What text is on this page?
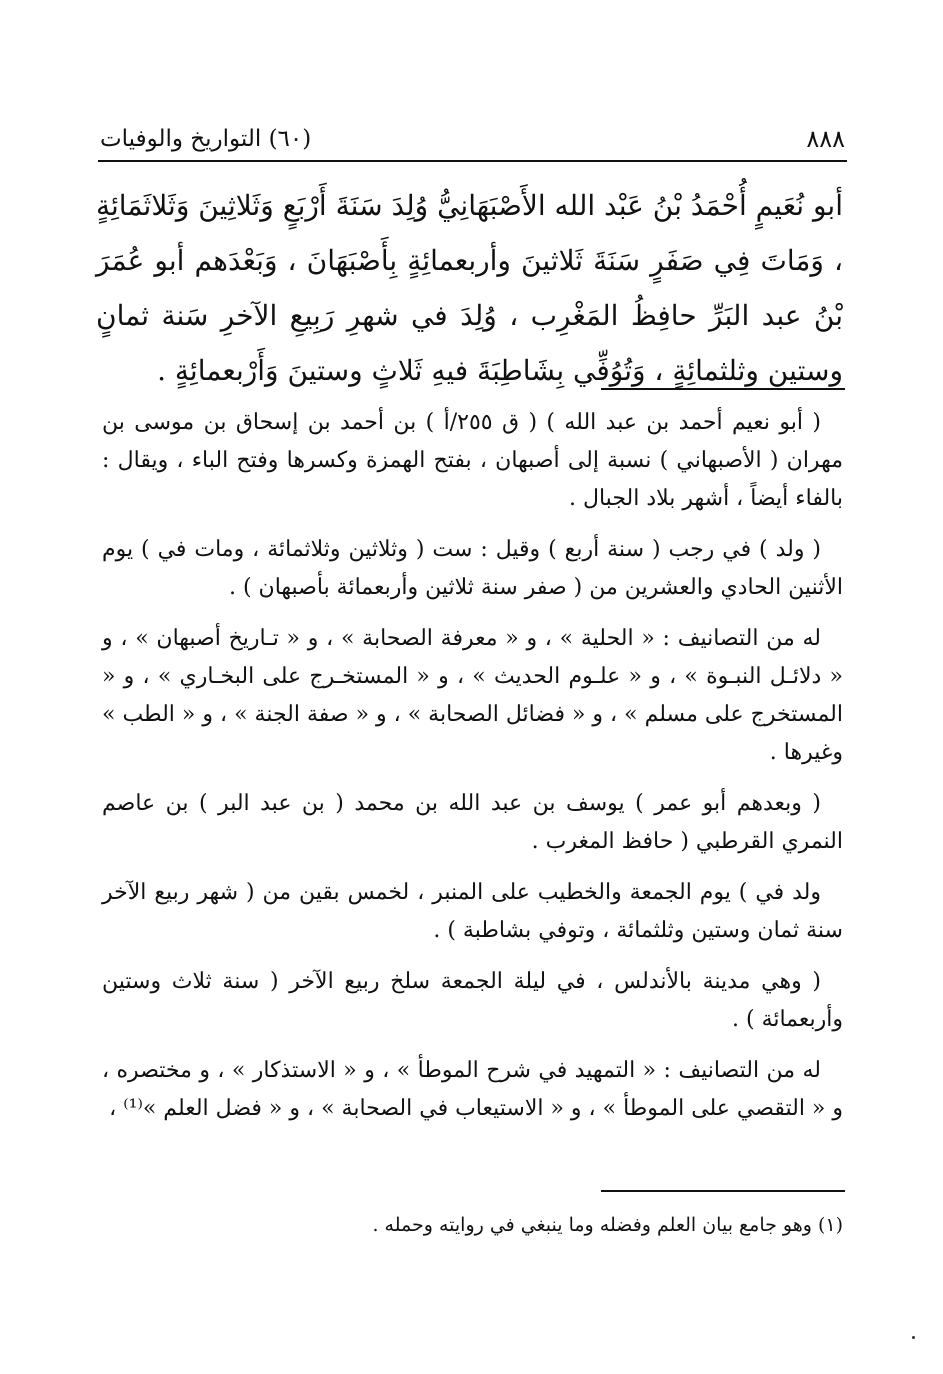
٨٨٨
(٦٠) التواريخ والوفيات
أبو نُعَيمٍ أُحْمَدُ بْنُ عَبْد الله الأَصْبَهَانِيُّ وُلِدَ سَنَةَ أَرْبَعٍ وَثَلاثِينَ وَثَلاثَمَائِةٍ ، وَمَاتَ فِي صَفَرٍ سَنَةَ ثَلاثينَ وأربعمائِةٍ بِأَصْبَهَانَ ، وَبَعْدَهم أبو عُمَرَ بْنُ عبد البَرِّ حافِظُ المَغْرِب ، وُلِدَ في شهرِ رَبِيعِ الآخرِ سَنة ثمانٍ وستين وثلثمائِةٍ ، وَتُوُفِّي بِشَاطِبَةَ فيهِ ثَلاثٍ وستينَ وَأَرْبعمائِةٍ .

( أبو نعيم أحمد بن عبد الله ) ( ق ٢٥٥/أ ) بن أحمد بن إسحاق بن موسى بن مهران ( الأصبهاني ) نسبة إلى أصبهان ، بفتح الهمزة وكسرها وفتح الباء ، ويقال : بالفاء أيضاً ، أشهر بلاد الجبال .

( ولد ) في رجب ( سنة أربع ) وقيل : ست ( وثلاثين وثلاثمائة ، ومات في ) يوم الأثنين الحادي والعشرين من ( صفر سنة ثلاثين وأربعمائة بأصبهان ) .

له من التصانيف : « الحلية » ، و « معرفة الصحابة » ، و « تـاريخ أصبهان » ، و « دلائـل النبـوة » ، و « علـوم الحديث » ، و « المستخـرج على البخـاري » ، و « المستخرج على مسلم » ، و « فضائل الصحابة » ، و « صفة الجنة » ، و « الطب » وغيرها .

( وبعدهم أبو عمر ) يوسف بن عبد الله بن محمد ( بن عبد البر ) بن عاصم النمري القرطبي ( حافظ المغرب .

ولد في ) يوم الجمعة والخطيب على المنبر ، لخمس بقين من ( شهر ربيع الآخر سنة ثمان وستين وثلثمائة ، وتوفي بشاطبة ) .

( وهي مدينة بالأندلس ، في ليلة الجمعة سلخ ربيع الآخر ( سنة ثلاث وستين وأربعمائة ) .

له من التصانيف : « التمهيد في شرح الموطأ » ، و « الاستذكار » ، و مختصره ، و « التقصي على الموطأ » ، و « الاستيعاب في الصحابة » ، و « فضل العلم »⁽¹⁾ ،

(١) وهو جامع بيان العلم وفضله وما ينبغي في روايته وحمله .
